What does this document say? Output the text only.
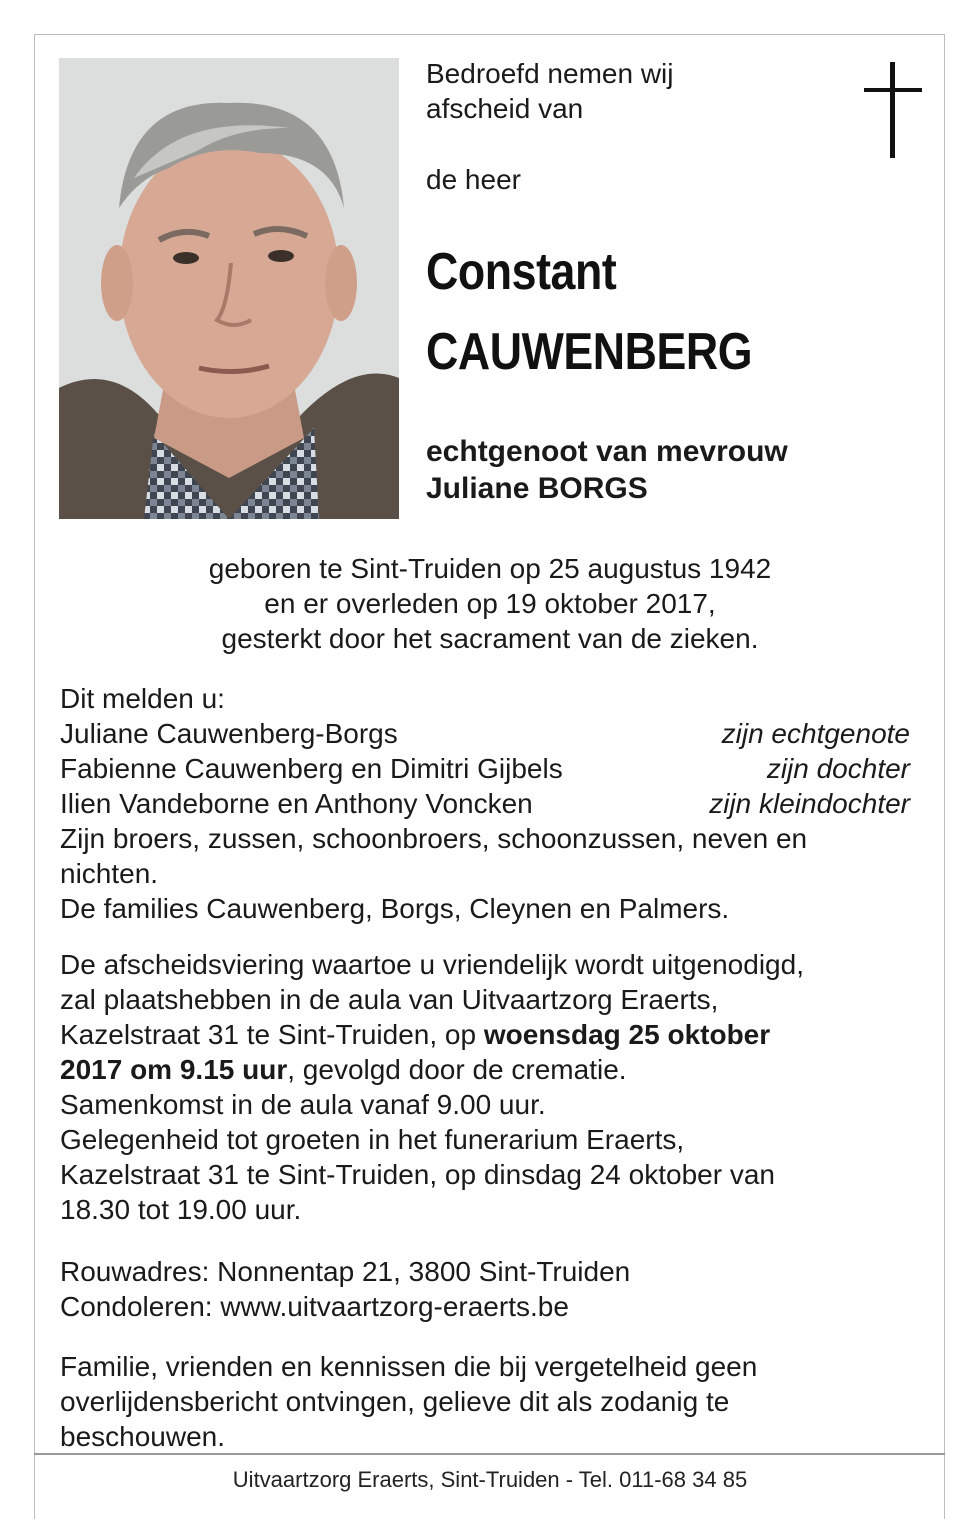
Bedroefd nemen wij
afscheid van
de heer
Constant
CAUWENBERG
echtgenoot van mevrouw
Juliane BORGS
geboren te Sint-Truiden op 25 augustus 1942
en er overleden op 19 oktober 2017,
gesterkt door het sacrament van de zieken.
Dit melden u:
Juliane Cauwenberg-Borgs	zijn echtgenote
Fabienne Cauwenberg en Dimitri Gijbels	zijn dochter
Ilien Vandeborne en Anthony Voncken	zijn kleindochter
Zijn broers, zussen, schoonbroers, schoonzussen, neven en
nichten.
De families Cauwenberg, Borgs, Cleynen en Palmers.
De afscheidsviering waartoe u vriendelijk wordt uitgenodigd,
zal plaatshebben in de aula van Uitvaartzorg Eraerts,
Kazelstraat 31 te Sint-Truiden, op woensdag 25 oktober
2017 om 9.15 uur, gevolgd door de crematie.
Samenkomst in de aula vanaf 9.00 uur.
Gelegenheid tot groeten in het funerarium Eraerts,
Kazelstraat 31 te Sint-Truiden, op dinsdag 24 oktober van
18.30 tot 19.00 uur.
Rouwadres: Nonnentap 21, 3800 Sint-Truiden
Condoleren: www.uitvaartzorg-eraerts.be
Familie, vrienden en kennissen die bij vergetelheid geen
overlijdensbericht ontvingen, gelieve dit als zodanig te
beschouwen.
Uitvaartzorg Eraerts, Sint-Truiden - Tel. 011-68 34 85
